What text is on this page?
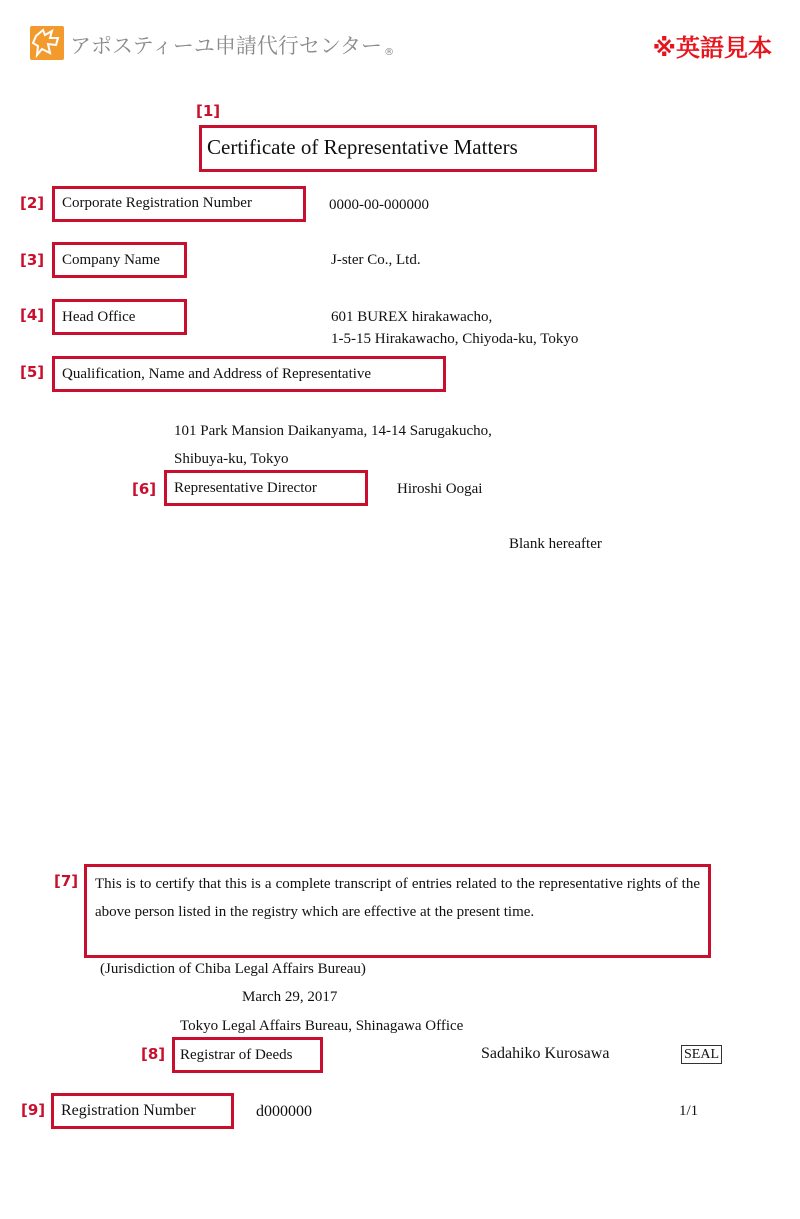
アポスティーユ申請代行センター $_®$	※英語見本
[1]
Certificate of Representative Matters
[2] Corporate Registration Number	0000-00-000000
[3] Company Name	J-ster Co., Ltd.
[4] Head Office	601 BUREX hirakawacho,
1-5-15 Hirakawacho, Chiyoda-ku, Tokyo
[5] Qualification, Name and Address of Representative
101 Park Mansion Daikanyama, 14-14 Sarugakucho,
Shibuya-ku, Tokyo
[6] Representative Director	Hiroshi Oogai
Blank hereafter
[7] This is to certify that this is a complete transcript of entries related to the representative rights of the above person listed in the registry which are effective at the present time.
(Jurisdiction of Chiba Legal Affairs Bureau)
March 29, 2017
Tokyo Legal Affairs Bureau, Shinagawa Office
[8] Registrar of Deeds	Sadahiko Kurosawa	SEAL
[9] Registration Number	d000000	1/1
